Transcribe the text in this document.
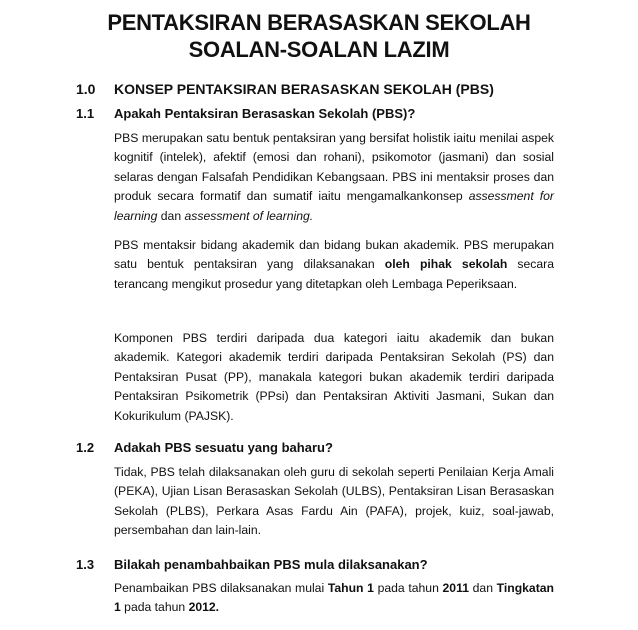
PENTAKSIRAN BERASASKAN SEKOLAH
SOALAN-SOALAN LAZIM
1.0 KONSEP PENTAKSIRAN BERASASKAN SEKOLAH (PBS)
1.1 Apakah Pentaksiran Berasaskan Sekolah (PBS)?
PBS merupakan satu bentuk pentaksiran yang bersifat holistik iaitu menilai aspek kognitif (intelek), afektif (emosi dan rohani), psikomotor (jasmani) dan sosial selaras dengan Falsafah Pendidikan Kebangsaan. PBS ini mentaksir proses dan produk secara formatif dan sumatif iaitu mengamalkankonsep assessment for learning dan assessment of learning.
PBS mentaksir bidang akademik dan bidang bukan akademik. PBS merupakan satu bentuk pentaksiran yang dilaksanakan oleh pihak sekolah secara terancang mengikut prosedur yang ditetapkan oleh Lembaga Peperiksaan.
Komponen PBS terdiri daripada dua kategori iaitu akademik dan bukan akademik. Kategori akademik terdiri daripada Pentaksiran Sekolah (PS) dan Pentaksiran Pusat (PP), manakala kategori bukan akademik terdiri daripada Pentaksiran Psikometrik (PPsi) dan Pentaksiran Aktiviti Jasmani, Sukan dan Kokurikulum (PAJSK).
1.2 Adakah PBS sesuatu yang baharu?
Tidak, PBS telah dilaksanakan oleh guru di sekolah seperti Penilaian Kerja Amali (PEKA), Ujian Lisan Berasaskan Sekolah (ULBS), Pentaksiran Lisan Berasaskan Sekolah (PLBS), Perkara Asas Fardu Ain (PAFA), projek, kuiz, soal-jawab, persembahan dan lain-lain.
1.3 Bilakah penambahbaikan PBS mula dilaksanakan?
Penambaikan PBS dilaksanakan mulai Tahun 1 pada tahun 2011 dan Tingkatan 1 pada tahun 2012.
